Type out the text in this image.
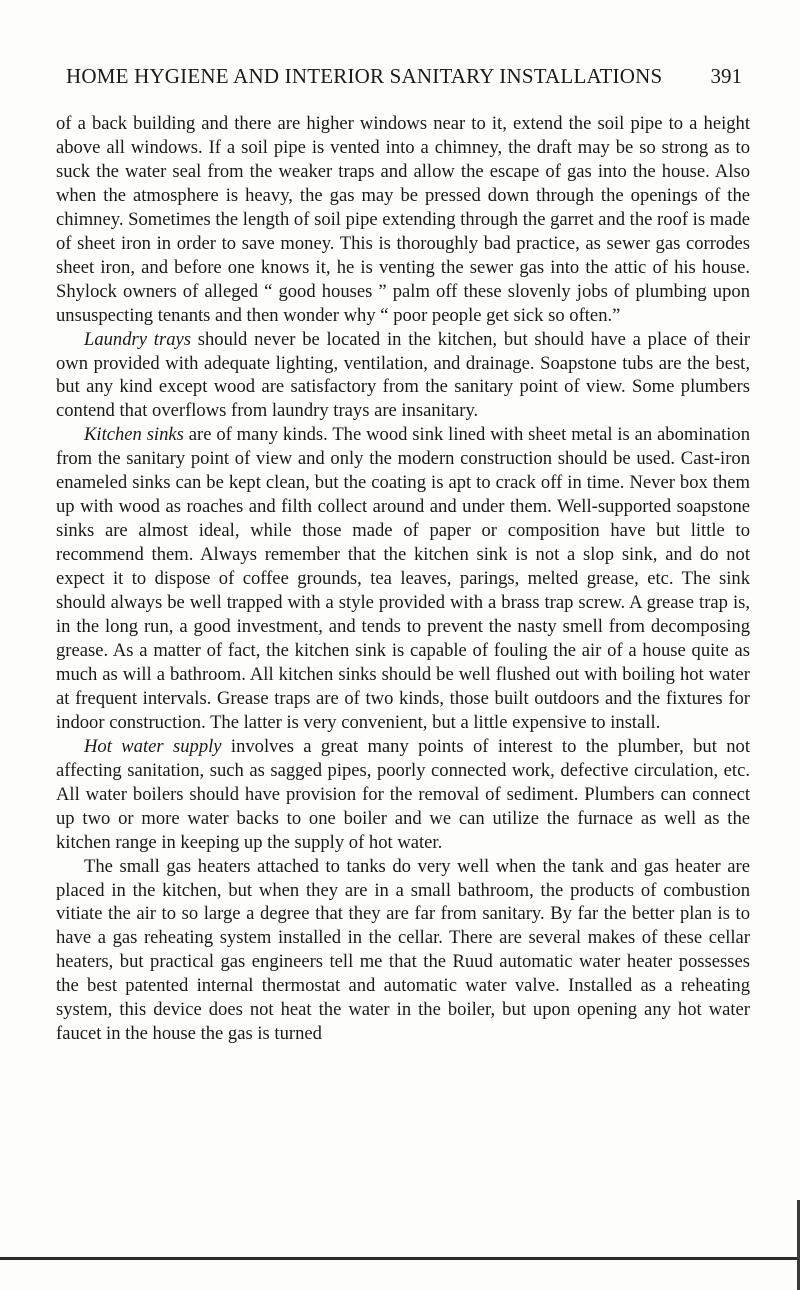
HOME HYGIENE AND INTERIOR SANITARY INSTALLATIONS 391

of a back building and there are higher windows near to it, extend the soil pipe to a height above all windows. If a soil pipe is vented into a chimney, the draft may be so strong as to suck the water seal from the weaker traps and allow the escape of gas into the house. Also when the atmosphere is heavy, the gas may be pressed down through the openings of the chimney. Sometimes the length of soil pipe extending through the garret and the roof is made of sheet iron in order to save money. This is thoroughly bad practice, as sewer gas corrodes sheet iron, and before one knows it, he is venting the sewer gas into the attic of his house. Shylock owners of alleged “ good houses ” palm off these slovenly jobs of plumbing upon unsuspecting tenants and then wonder why “ poor people get sick so often.”

Laundry trays should never be located in the kitchen, but should have a place of their own provided with adequate lighting, ventilation, and drainage. Soapstone tubs are the best, but any kind except wood are satisfactory from the sanitary point of view. Some plumbers contend that overflows from laundry trays are insanitary.

Kitchen sinks are of many kinds. The wood sink lined with sheet metal is an abomination from the sanitary point of view and only the modern construction should be used. Cast-iron enameled sinks can be kept clean, but the coating is apt to crack off in time. Never box them up with wood as roaches and filth collect around and under them. Well-supported soapstone sinks are almost ideal, while those made of paper or composition have but little to recommend them. Always remember that the kitchen sink is not a slop sink, and do not expect it to dispose of coffee grounds, tea leaves, parings, melted grease, etc. The sink should always be well trapped with a style provided with a brass trap screw. A grease trap is, in the long run, a good investment, and tends to prevent the nasty smell from decomposing grease. As a matter of fact, the kitchen sink is capable of fouling the air of a house quite as much as will a bathroom. All kitchen sinks should be well flushed out with boiling hot water at frequent intervals. Grease traps are of two kinds, those built outdoors and the fixtures for indoor construction. The latter is very convenient, but a little expensive to install.

Hot water supply involves a great many points of interest to the plumber, but not affecting sanitation, such as sagged pipes, poorly connected work, defective circulation, etc. All water boilers should have provision for the removal of sediment. Plumbers can connect up two or more water backs to one boiler and we can utilize the furnace as well as the kitchen range in keeping up the supply of hot water.

The small gas heaters attached to tanks do very well when the tank and gas heater are placed in the kitchen, but when they are in a small bathroom, the products of combustion vitiate the air to so large a degree that they are far from sanitary. By far the better plan is to have a gas reheating system installed in the cellar. There are several makes of these cellar heaters, but practical gas engineers tell me that the Ruud automatic water heater possesses the best patented internal thermostat and automatic water valve. Installed as a reheating system, this device does not heat the water in the boiler, but upon opening any hot water faucet in the house the gas is turned
